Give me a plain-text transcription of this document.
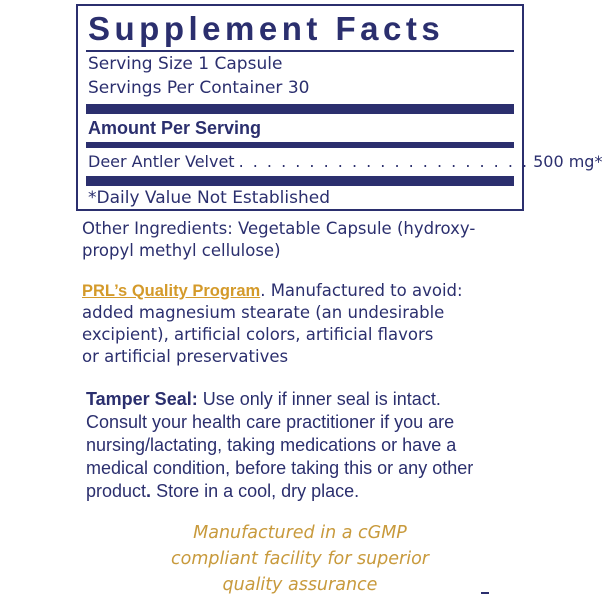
Supplement Facts
Serving Size 1 Capsule
Servings Per Container 30
Amount Per Serving
Deer Antler Velvet . . . . . . . . . . . . . . . . . . . . . 500 mg*
*Daily Value Not Established
Other Ingredients: Vegetable Capsule (hydroxy-
propyl methyl cellulose)
PRL’s Quality Program. Manufactured to avoid:
added magnesium stearate (an undesirable
excipient), artificial colors, artificial flavors
or artificial preservatives
Tamper Seal: Use only if inner seal is intact.
Consult your health care practitioner if you are
nursing/lactating, taking medications or have a
medical condition, before taking this or any other
product. Store in a cool, dry place.
Manufactured in a cGMP
compliant facility for superior
quality assurance
